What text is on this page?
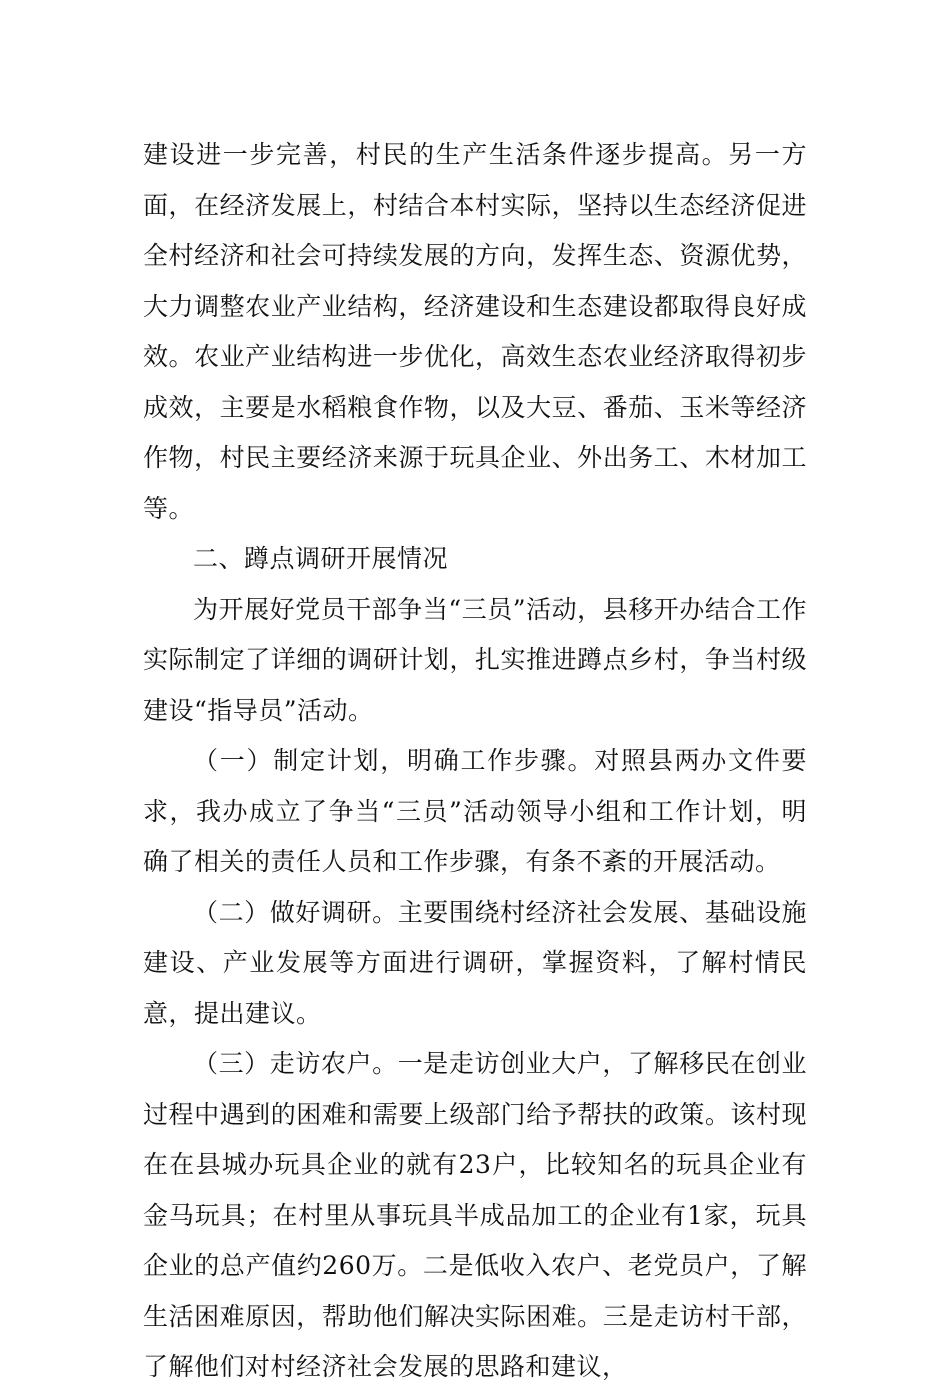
建设进一步完善，村民的生产生活条件逐步提高。另一方面，在经济发展上，村结合本村实际，坚持以生态经济促进全村经济和社会可持续发展的方向，发挥生态、资源优势，大力调整农业产业结构，经济建设和生态建设都取得良好成效。农业产业结构进一步优化，高效生态农业经济取得初步成效，主要是水稻粮食作物，以及大豆、番茄、玉米等经济作物，村民主要经济来源于玩具企业、外出务工、木材加工等。

二、蹲点调研开展情况

为开展好党员干部争当“三员”活动，县移开办结合工作实际制定了详细的调研计划，扎实推进蹲点乡村，争当村级建设“指导员”活动。

（一）制定计划，明确工作步骤。对照县两办文件要求，我办成立了争当“三员”活动领导小组和工作计划，明确了相关的责任人员和工作步骤，有条不紊的开展活动。

（二）做好调研。主要围绕村经济社会发展、基础设施建设、产业发展等方面进行调研，掌握资料，了解村情民意，提出建议。

（三）走访农户。一是走访创业大户，了解移民在创业过程中遇到的困难和需要上级部门给予帮扶的政策。该村现在在县城办玩具企业的就有23户，比较知名的玩具企业有金马玩具；在村里从事玩具半成品加工的企业有1家，玩具企业的总产值约260万。二是低收入农户、老党员户，了解生活困难原因，帮助他们解决实际困难。三是走访村干部，了解他们对村经济社会发展的思路和建议，
